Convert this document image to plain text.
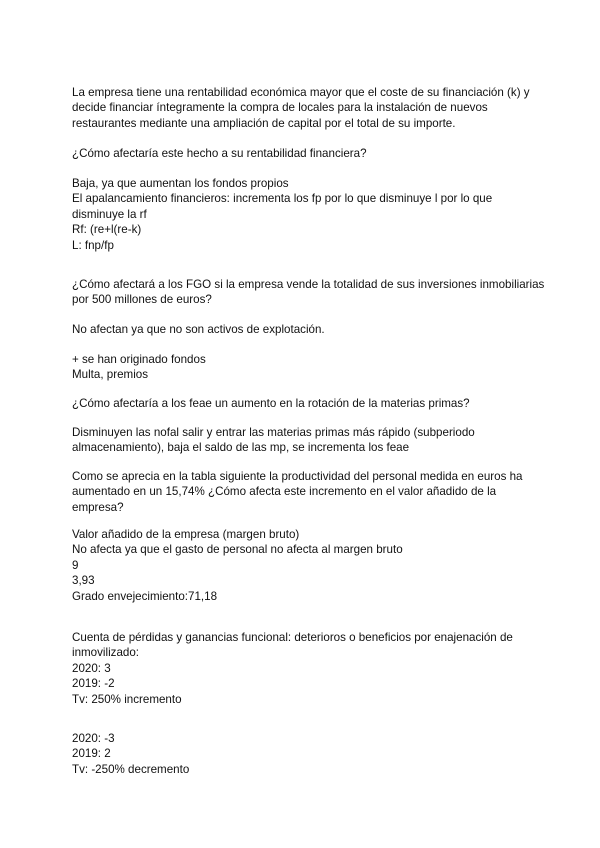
La empresa tiene una rentabilidad económica mayor que el coste de su financiación (k) y
decide financiar íntegramente la compra de locales para la instalación de nuevos
restaurantes mediante una ampliación de capital por el total de su importe.
¿Cómo afectaría este hecho a su rentabilidad financiera?
Baja, ya que aumentan los fondos propios
El apalancamiento financieros: incrementa los fp por lo que disminuye l por lo que
disminuye la rf
Rf: (re+l(re-k)
L: fnp/fp
¿Cómo afectará a los FGO si la empresa vende la totalidad de sus inversiones inmobiliarias
por 500 millones de euros?
No afectan ya que no son activos de explotación.
+ se han originado fondos
Multa, premios
¿Cómo afectaría a los feae un aumento en la rotación de la materias primas?
Disminuyen las nofal salir y entrar las materias primas más rápido (subperiodo
almacenamiento), baja el saldo de las mp, se incrementa los feae
Como se aprecia en la tabla siguiente la productividad del personal medida en euros ha
aumentado en un 15,74% ¿Cómo afecta este incremento en el valor añadido de la
empresa?
Valor añadido de la empresa (margen bruto)
No afecta ya que el gasto de personal no afecta al margen bruto
9
3,93
Grado envejecimiento:71,18
Cuenta de pérdidas y ganancias funcional: deterioros o beneficios por enajenación de
inmovilizado:
2020: 3
2019: -2
Tv: 250% incremento
2020: -3
2019: 2
Tv: -250% decremento
